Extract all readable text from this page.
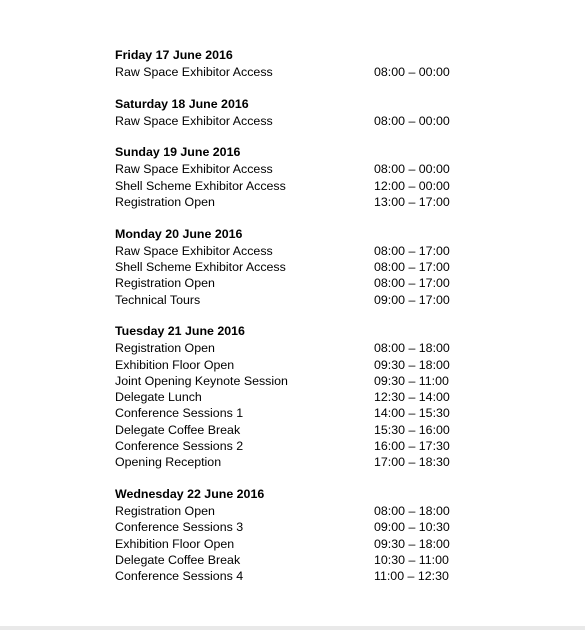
Friday 17 June 2016
Raw Space Exhibitor Access	08:00 – 00:00
Saturday 18 June 2016
Raw Space Exhibitor Access	08:00 – 00:00
Sunday 19 June 2016
Raw Space Exhibitor Access	08:00 – 00:00
Shell Scheme Exhibitor Access	12:00 – 00:00
Registration Open	13:00 – 17:00
Monday 20 June 2016
Raw Space Exhibitor Access	08:00 – 17:00
Shell Scheme Exhibitor Access	08:00 – 17:00
Registration Open	08:00 – 17:00
Technical Tours	09:00 – 17:00
Tuesday 21 June 2016
Registration Open	08:00 – 18:00
Exhibition Floor Open	09:30 – 18:00
Joint Opening Keynote Session	09:30 – 11:00
Delegate Lunch	12:30 – 14:00
Conference Sessions 1	14:00 – 15:30
Delegate Coffee Break	15:30 – 16:00
Conference Sessions 2	16:00 – 17:30
Opening Reception	17:00 – 18:30
Wednesday 22 June 2016
Registration Open	08:00 – 18:00
Conference Sessions 3	09:00 – 10:30
Exhibition Floor Open	09:30 – 18:00
Delegate Coffee Break	10:30 – 11:00
Conference Sessions 4	11:00 – 12:30
